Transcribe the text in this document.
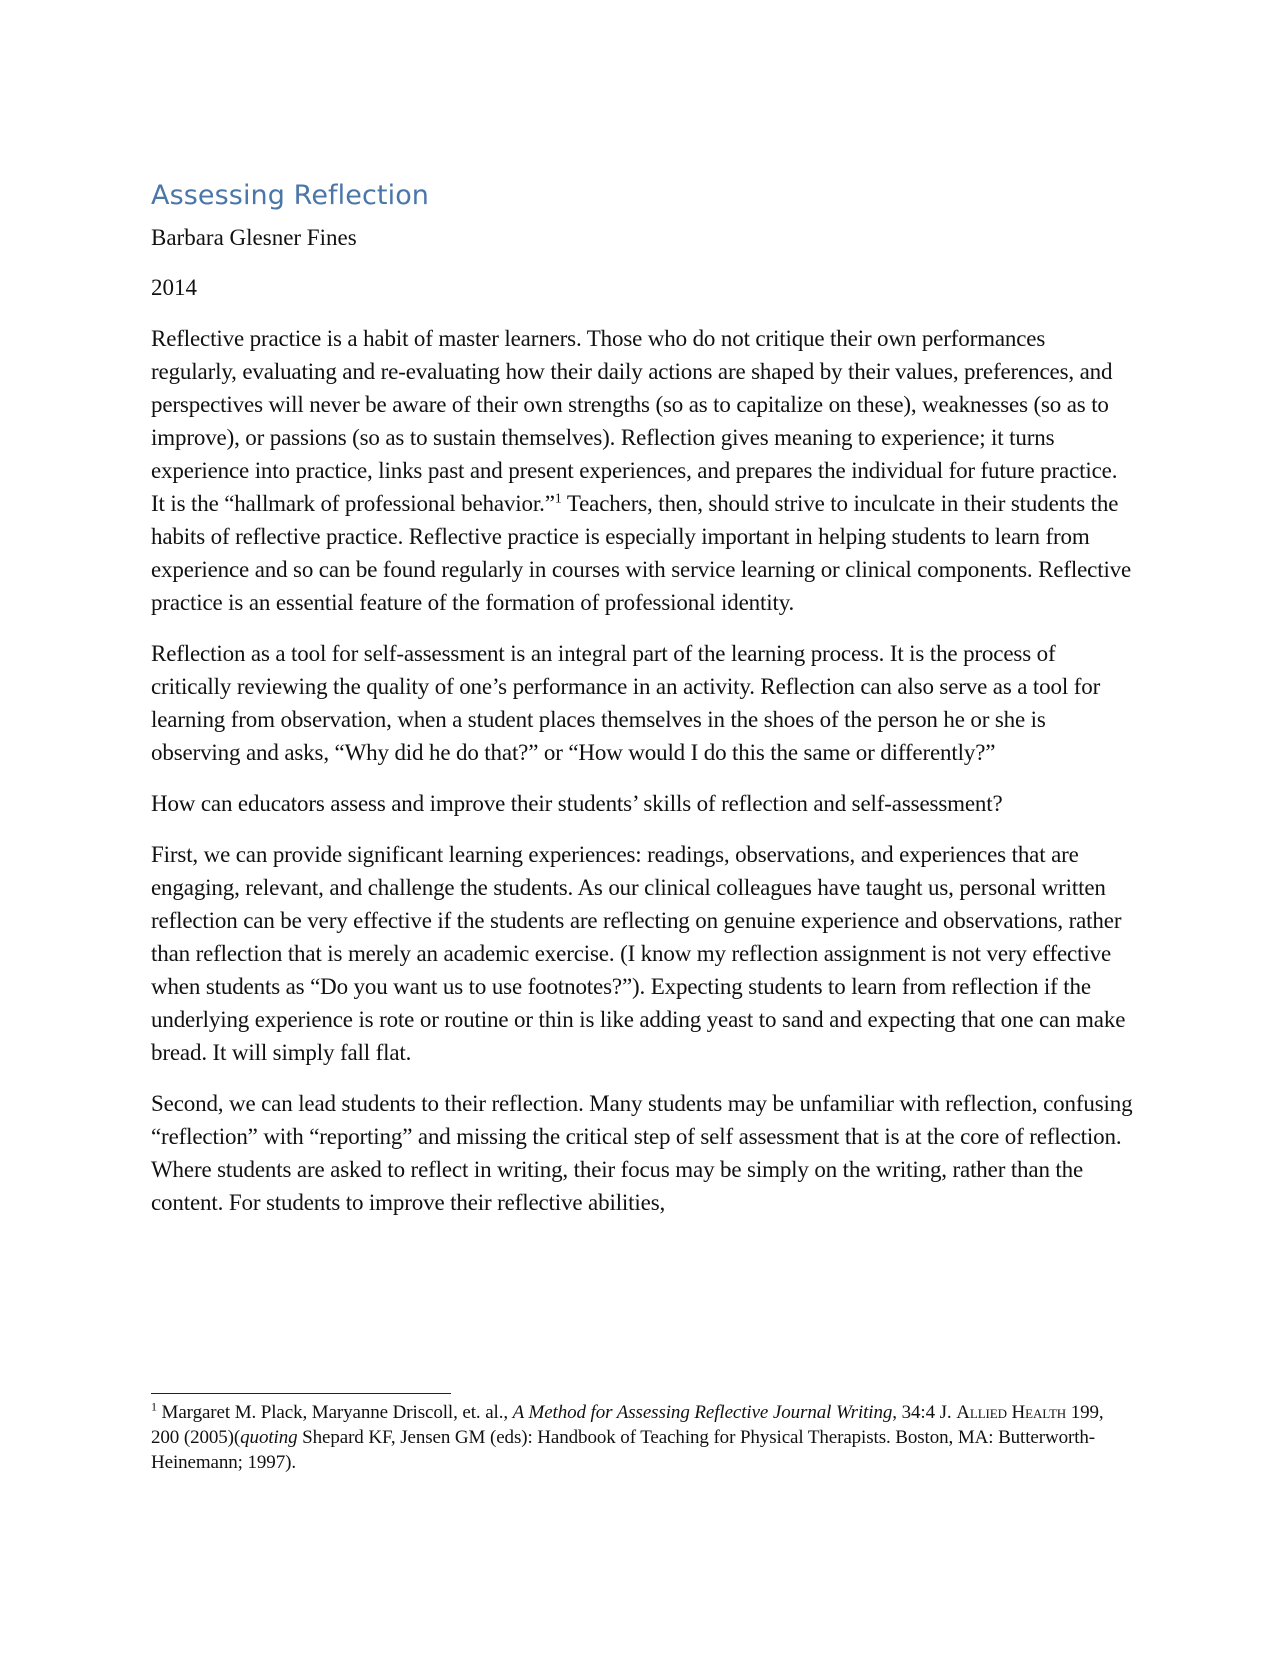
Assessing Reflection

Barbara Glesner Fines

2014

Reflective practice is a habit of master learners. Those who do not critique their own performances regularly, evaluating and re-evaluating how their daily actions are shaped by their values, preferences, and perspectives will never be aware of their own strengths (so as to capitalize on these), weaknesses (so as to improve), or passions (so as to sustain themselves). Reflection gives meaning to experience; it turns experience into practice, links past and present experiences, and prepares the individual for future practice. It is the “hallmark of professional behavior.”$^1$ Teachers, then, should strive to inculcate in their students the habits of reflective practice. Reflective practice is especially important in helping students to learn from experience and so can be found regularly in courses with service learning or clinical components. Reflective practice is an essential feature of the formation of professional identity.

Reflection as a tool for self-assessment is an integral part of the learning process. It is the process of critically reviewing the quality of one’s performance in an activity. Reflection can also serve as a tool for learning from observation, when a student places themselves in the shoes of the person he or she is observing and asks, “Why did he do that?” or “How would I do this the same or differently?”

How can educators assess and improve their students’ skills of reflection and self-assessment?

First, we can provide significant learning experiences: readings, observations, and experiences that are engaging, relevant, and challenge the students. As our clinical colleagues have taught us, personal written reflection can be very effective if the students are reflecting on genuine experience and observations, rather than reflection that is merely an academic exercise. (I know my reflection assignment is not very effective when students as “Do you want us to use footnotes?”). Expecting students to learn from reflection if the underlying experience is rote or routine or thin is like adding yeast to sand and expecting that one can make bread. It will simply fall flat.

Second, we can lead students to their reflection. Many students may be unfamiliar with reflection, confusing “reflection” with “reporting” and missing the critical step of self assessment that is at the core of reflection. Where students are asked to reflect in writing, their focus may be simply on the writing, rather than the content. For students to improve their reflective abilities,

$^1$ Margaret M. Plack, Maryanne Driscoll, et. al., A Method for Assessing Reflective Journal Writing, 34:4 J. Allied Health 199, 200 (2005)(quoting Shepard KF, Jensen GM (eds): Handbook of Teaching for Physical Therapists. Boston, MA: Butterworth-Heinemann; 1997).
